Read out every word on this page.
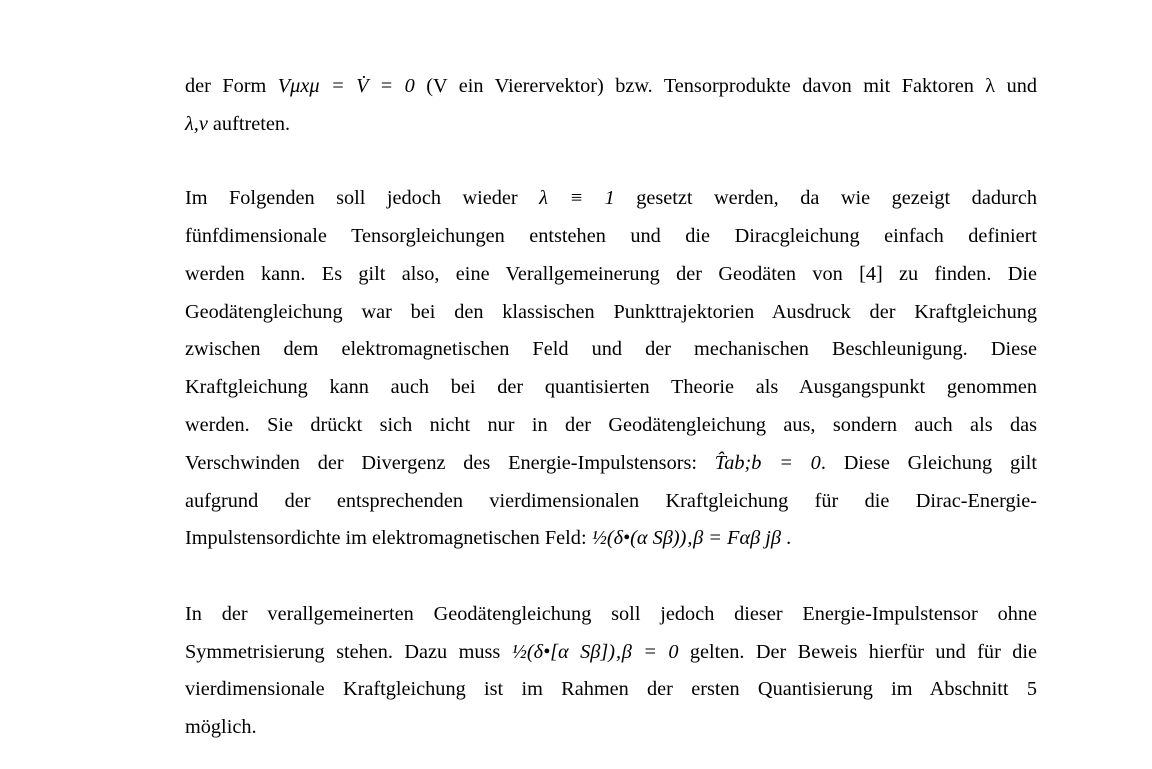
der Form Vμxμ = V̇ = 0 (V ein Vierervektor) bzw. Tensorprodukte davon mit Faktoren λ und
λ,ν auftreten.
Im Folgenden soll jedoch wieder λ ≡ 1 gesetzt werden, da wie gezeigt dadurch
fünfdimensionale Tensorgleichungen entstehen und die Diracgleichung einfach definiert
werden kann. Es gilt also, eine Verallgemeinerung der Geodäten von [4] zu finden. Die
Geodätengleichung war bei den klassischen Punkttrajektorien Ausdruck der Kraftgleichung
zwischen dem elektromagnetischen Feld und der mechanischen Beschleunigung. Diese
Kraftgleichung kann auch bei der quantisierten Theorie als Ausgangspunkt genommen
werden. Sie drückt sich nicht nur in der Geodätengleichung aus, sondern auch als das
Verschwinden der Divergenz des Energie-Impulstensors: T̂ab;b = 0. Diese Gleichung gilt
aufgrund der entsprechenden vierdimensionalen Kraftgleichung für die Dirac-Energie-
Impulstensordichte im elektromagnetischen Feld: ½(δ•(α Sβ))‚β = Fαβ jβ .
In der verallgemeinerten Geodätengleichung soll jedoch dieser Energie-Impulstensor ohne
Symmetrisierung stehen. Dazu muss ½(δ•[α Sβ])‚β = 0 gelten. Der Beweis hierfür und für die
vierdimensionale Kraftgleichung ist im Rahmen der ersten Quantisierung im Abschnitt 5
möglich.
